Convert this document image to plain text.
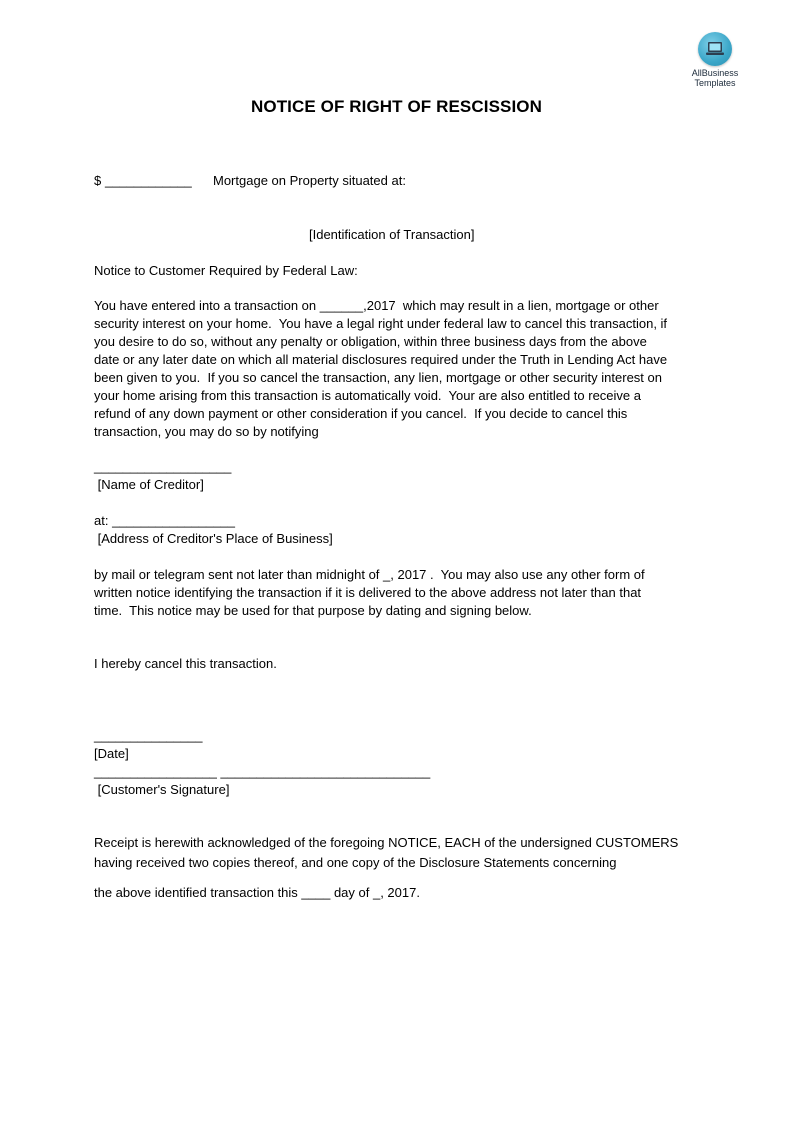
AllBusiness
Templates
NOTICE OF RIGHT OF RESCISSION
$ ____________ Mortgage on Property situated at:
[Identification of Transaction]
Notice to Customer Required by Federal Law:
You have entered into a transaction on ______,2017  which may result in a lien, mortgage or other
security interest on your home.  You have a legal right under federal law to cancel this transaction, if
you desire to do so, without any penalty or obligation, within three business days from the above
date or any later date on which all material disclosures required under the Truth in Lending Act have
been given to you.  If you so cancel the transaction, any lien, mortgage or other security interest on
your home arising from this transaction is automatically void.  Your are also entitled to receive a
refund of any down payment or other consideration if you cancel.  If you decide to cancel this
transaction, you may do so by notifying
___________________
[Name of Creditor]
at: _________________
[Address of Creditor's Place of Business]
by mail or telegram sent not later than midnight of _, 2017 .  You may also use any other form of
written notice identifying the transaction if it is delivered to the above address not later than that
time.  This notice may be used for that purpose by dating and signing below.
I hereby cancel this transaction.
_______________
[Date]
_________________ _____________________________
[Customer's Signature]
Receipt is herewith acknowledged of the foregoing NOTICE, EACH of the undersigned CUSTOMERS
having received two copies thereof, and one copy of the Disclosure Statements concerning
the above identified transaction this ____ day of _, 2017.
